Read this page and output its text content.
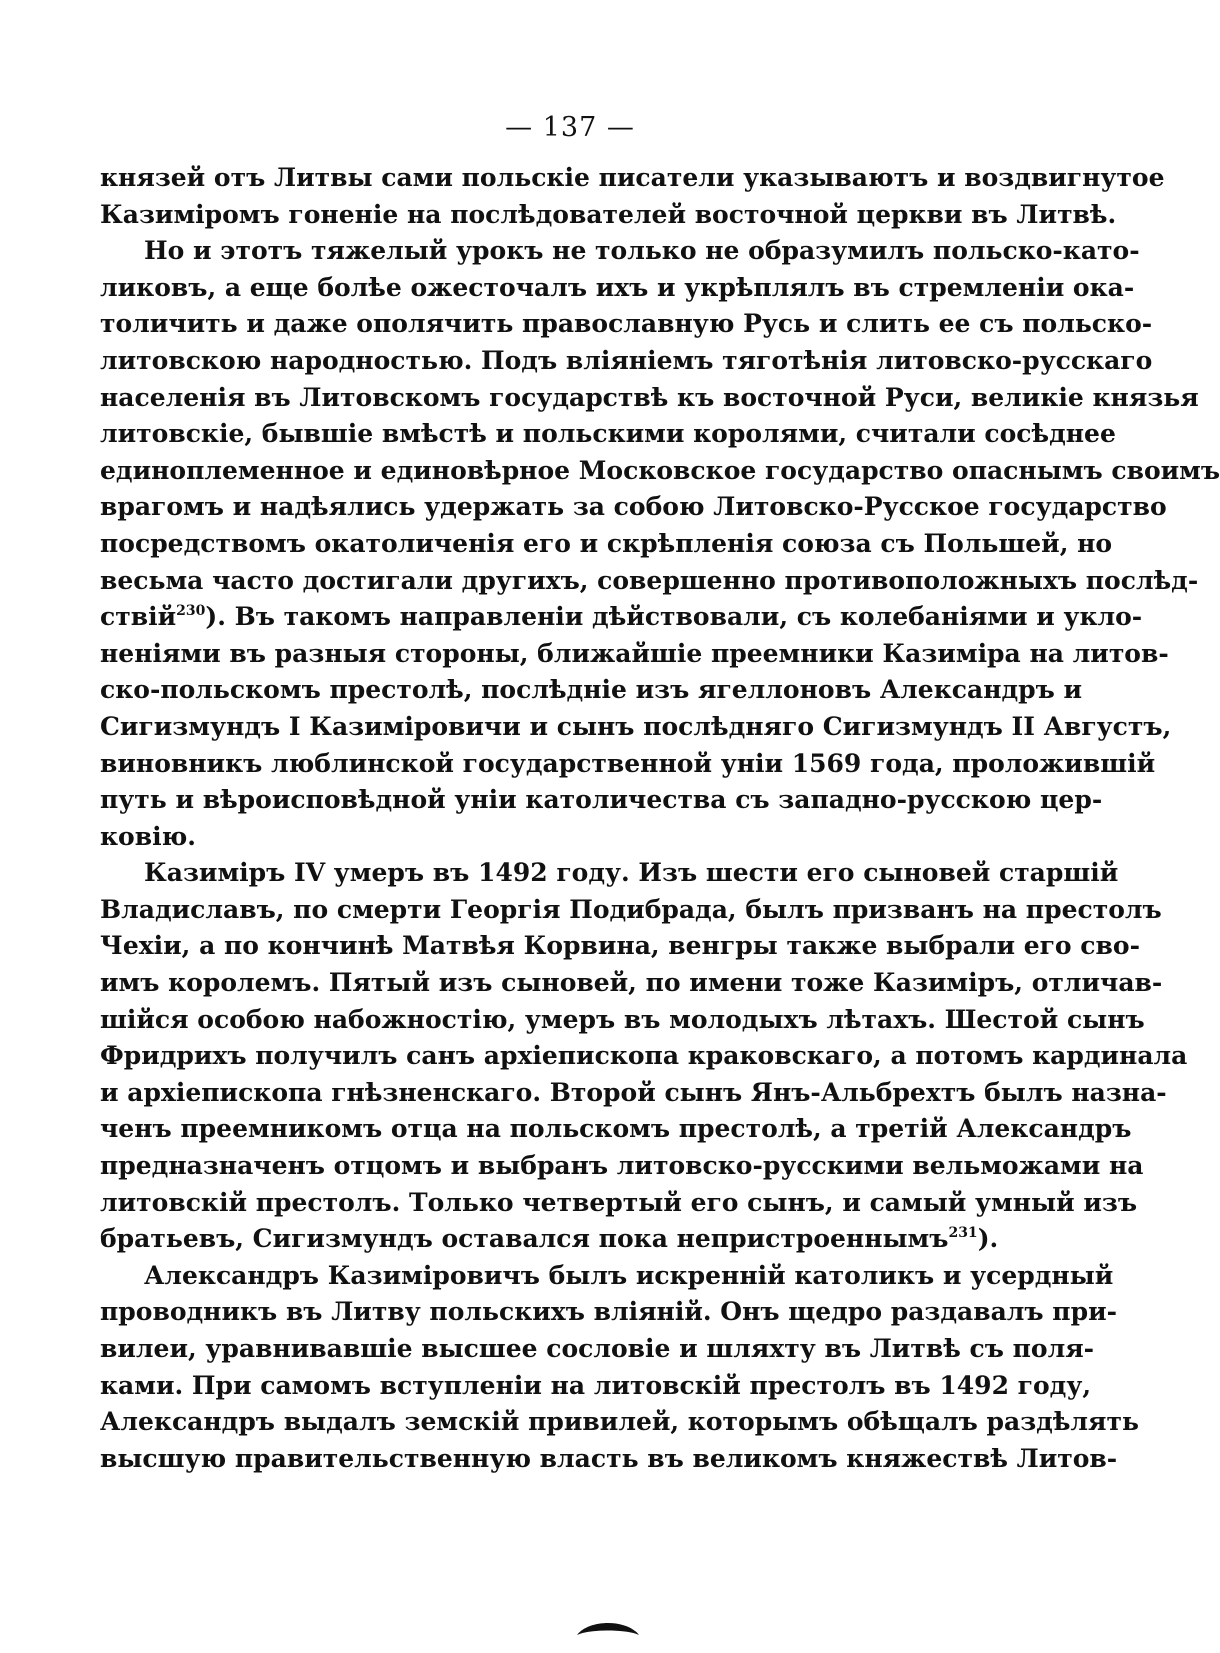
— 137 —
князей отъ Литвы сами польскіе писатели указываютъ и воздвигнутое
Казиміромъ гоненіе на послѣдователей восточной церкви въ Литвѣ.
Но и этотъ тяжелый урокъ не только не образумилъ польско-като-
ликовъ, а еще болѣе ожесточалъ ихъ и укрѣплялъ въ стремленіи ока-
толичить и даже ополячить православную Русь и слить ее съ польско-
литовскою народностью. Подъ вліяніемъ тяготѣнія литовско-русскаго
населенія въ Литовскомъ государствѣ къ восточной Руси, великіе князья
литовскіе, бывшіе вмѣстѣ и польскими королями, считали сосѣднее
единоплеменное и единовѣрное Московское государство опаснымъ своимъ
врагомъ и надѣялись удержать за собою Литовско-Русское государство
посредствомъ окатоличенія его и скрѣпленія союза съ Польшей, но
весьма часто достигали другихъ, совершенно противоположныхъ послѣд-
ствій$^{230}$). Въ такомъ направленіи дѣйствовали, съ колебаніями и уклo-
неніями въ разныя стороны, ближайшіе преемники Казиміра на литов-
ско-польскомъ престолѣ, послѣдніе изъ ягеллоновъ Александръ и
Сигизмундъ I Казиміровичи и сынъ послѣдняго Сигизмундъ II Августъ,
виновникъ люблинской государственной уніи 1569 года, проложившій
путь и вѣроисповѣдной уніи католичества съ западно-русскою цер-
ковію.
Казиміръ IV умеръ въ 1492 году. Изъ шести его сыновей старшій
Владиславъ, по смерти Георгія Подибрада, былъ призванъ на престолъ
Чехіи, а по кончинѣ Матвѣя Корвина, венгры также выбрали его сво-
имъ королемъ. Пятый изъ сыновей, по имени тоже Казиміръ, отличав-
шійся особою набожностію, умеръ въ молодыхъ лѣтахъ. Шестой сынъ
Фридрихъ получилъ санъ архіепископа краковскаго, а потомъ кардинала
и архіепископа гнѣзненскаго. Второй сынъ Янъ-Альбрехтъ былъ назна-
ченъ преемникомъ отца на польскомъ престолѣ, а третій Александръ
предназначенъ отцомъ и выбранъ литовско-русскими вельможами на
литовскій престолъ. Только четвертый его сынъ, и самый умный изъ
братьевъ, Сигизмундъ оставался пока непристроеннымъ$^{231}$).
Александръ Казиміровичъ былъ искренній католикъ и усердный
проводникъ въ Литву польскихъ вліяній. Онъ щедро раздавалъ при-
вилеи, уравнивавшіе высшее сословіе и шляхту въ Литвѣ съ поля-
ками. При самомъ вступленіи на литовскій престолъ въ 1492 году,
Александръ выдалъ земскій привилей, которымъ обѣщалъ раздѣлять
высшую правительственную власть въ великомъ княжествѣ Литов-
